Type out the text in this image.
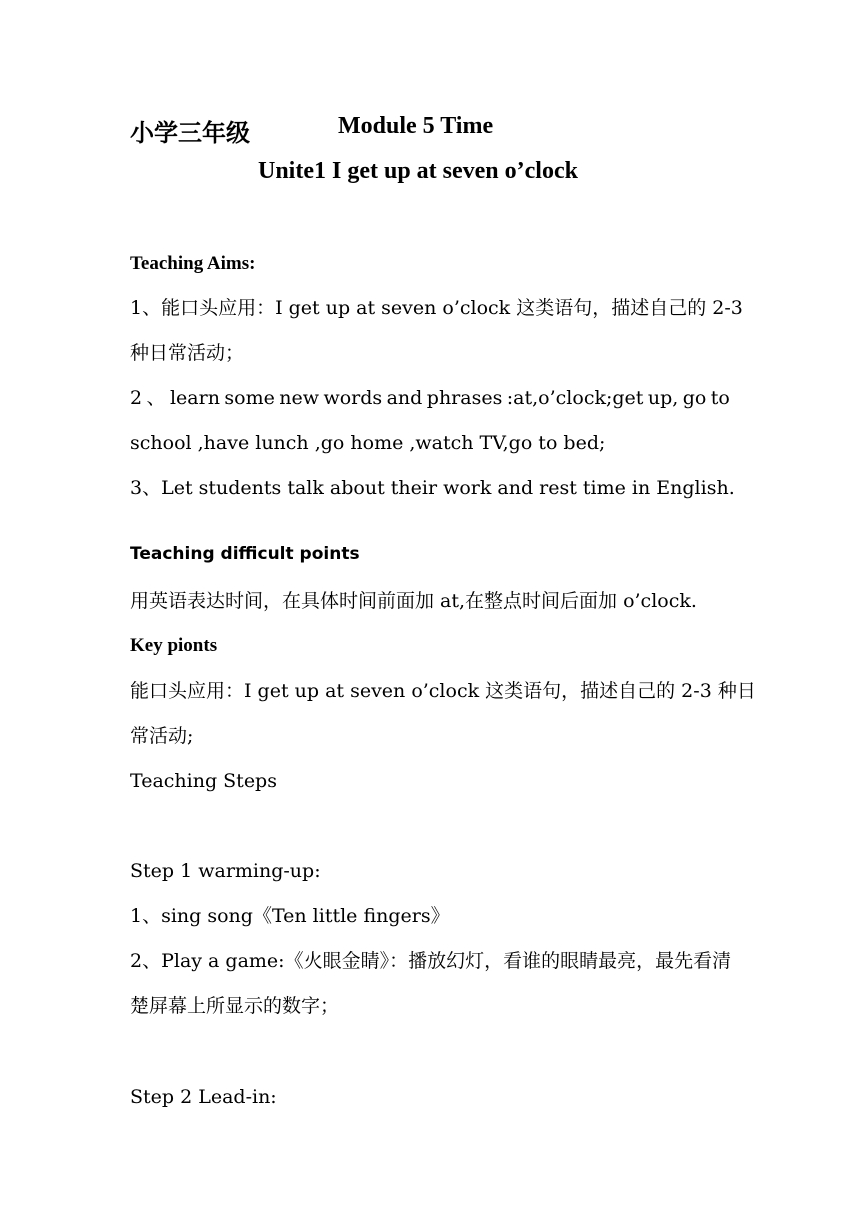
小学三年级	Module 5 Time
Unite1 I get up at seven o’clock
Teaching Aims:
1、能口头应用：I get up at seven o’clock 这类语句，描述自己的 2-3
种日常活动；
2 、 learn some new words and phrases :at,o’clock;get up, go to
school ,have lunch ,go home ,watch TV,go to bed;
3、Let students talk about their work and rest time in English.
Teaching difficult points
用英语表达时间，在具体时间前面加 at,在整点时间后面加 o’clock.
Key pionts
能口头应用：I get up at seven o’clock 这类语句，描述自己的 2-3 种日
常活动;
Teaching Steps
Step 1 warming-up:
1、sing song《Ten little fingers》
2、Play a game:《火眼金睛》：播放幻灯，看谁的眼睛最亮，最先看清
楚屏幕上所显示的数字；
Step 2 Lead-in:
